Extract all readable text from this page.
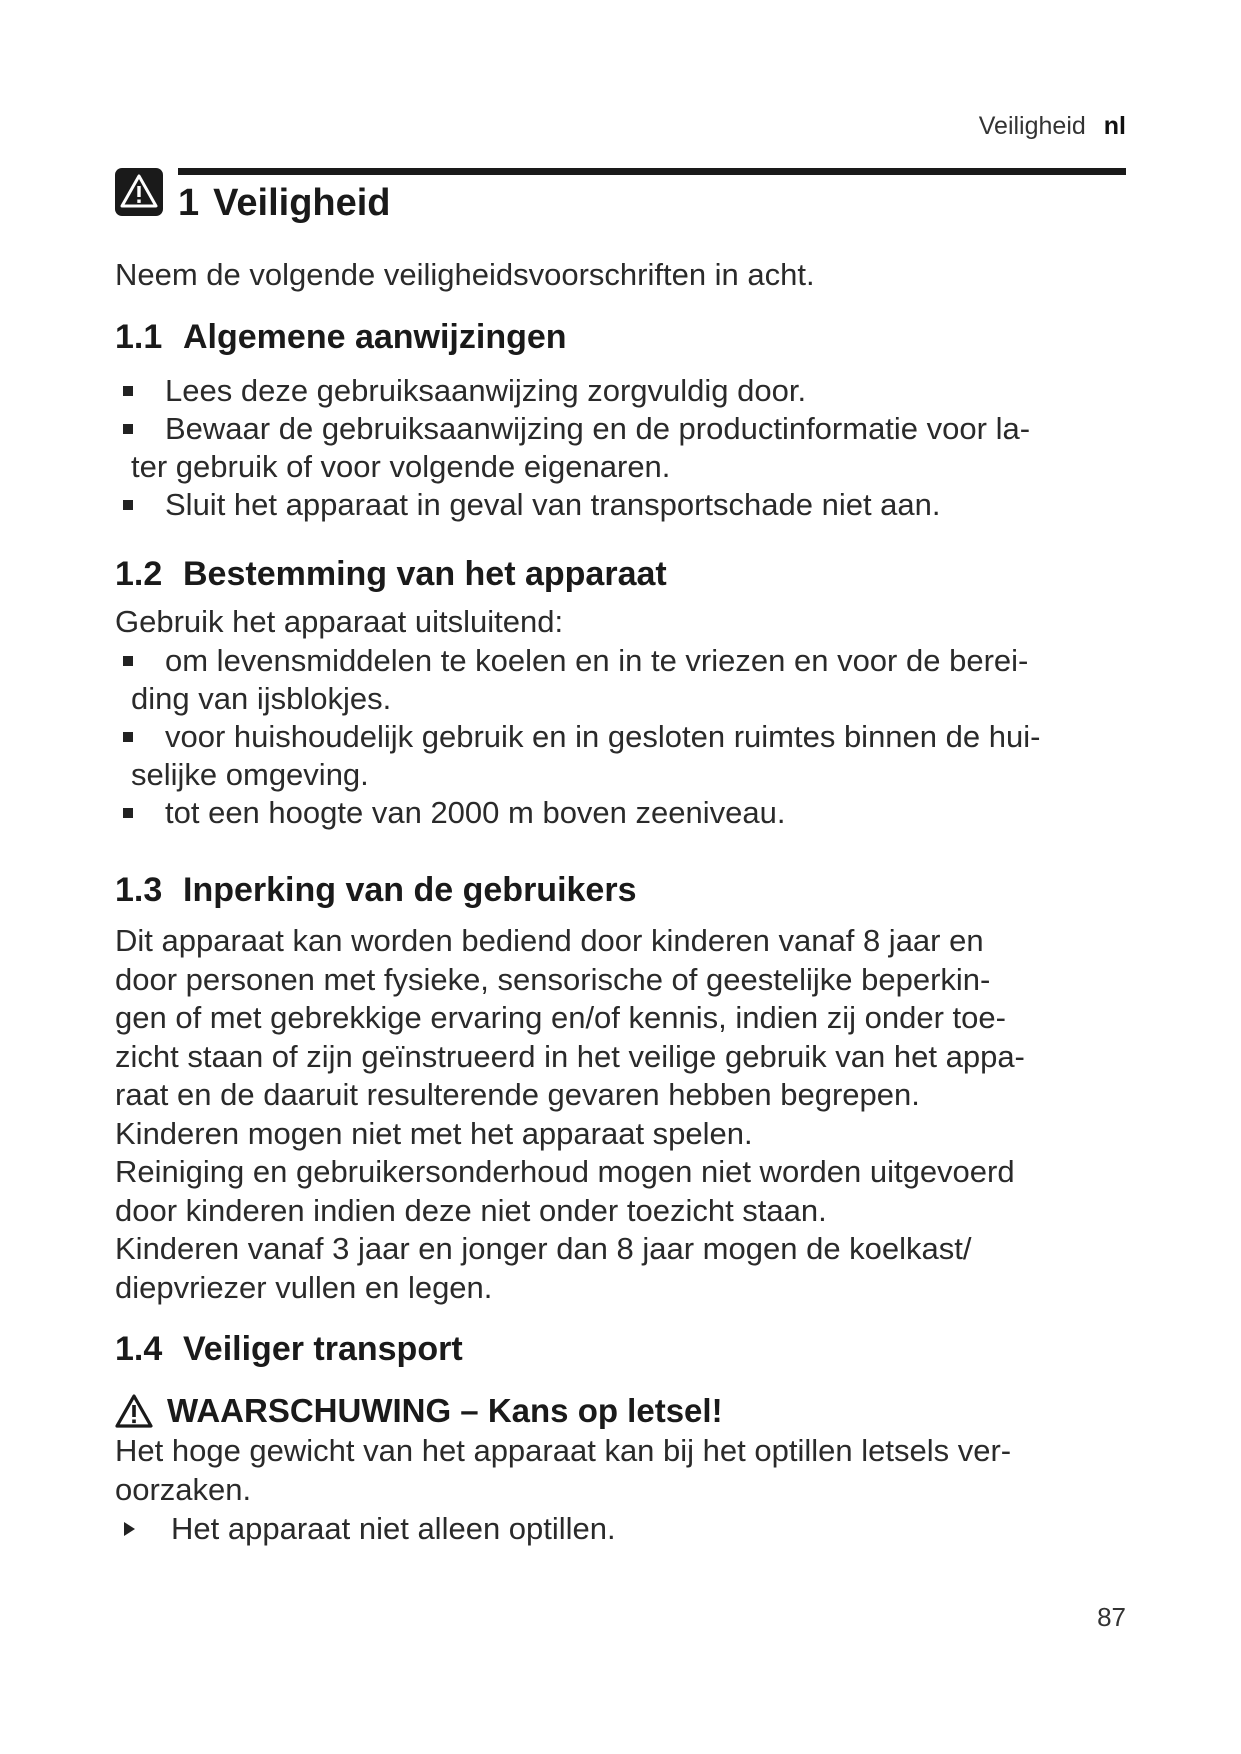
Veiligheid nl
1 Veiligheid
Neem de volgende veiligheidsvoorschriften in acht.
1.1 Algemene aanwijzingen
Lees deze gebruiksaanwijzing zorgvuldig door.
Bewaar de gebruiksaanwijzing en de productinformatie voor la-
ter gebruik of voor volgende eigenaren.
Sluit het apparaat in geval van transportschade niet aan.
1.2 Bestemming van het apparaat

Gebruik het apparaat uitsluitend:

om levensmiddelen te koelen en in te vriezen en voor de berei-
ding van ijsblokjes.
voor huishoudelijk gebruik en in gesloten ruimtes binnen de hui-
selijke omgeving.
tot een hoogte van 2000 m boven zeeniveau.
1.3 Inperking van de gebruikers
Dit apparaat kan worden bediend door kinderen vanaf 8 jaar en
door personen met fysieke, sensorische of geestelijke beperkin-
gen of met gebrekkige ervaring en/of kennis, indien zij onder toe-
zicht staan of zijn geïnstrueerd in het veilige gebruik van het appa-
raat en de daaruit resulterende gevaren hebben begrepen.
Kinderen mogen niet met het apparaat spelen.
Reiniging en gebruikersonderhoud mogen niet worden uitgevoerd
door kinderen indien deze niet onder toezicht staan.
Kinderen vanaf 3 jaar en jonger dan 8 jaar mogen de koelkast/
diepvriezer vullen en legen.
1.4 Veiliger transport
WAARSCHUWING – Kans op letsel!
Het hoge gewicht van het apparaat kan bij het optillen letsels ver-
oorzaken.
Het apparaat niet alleen optillen.
87
